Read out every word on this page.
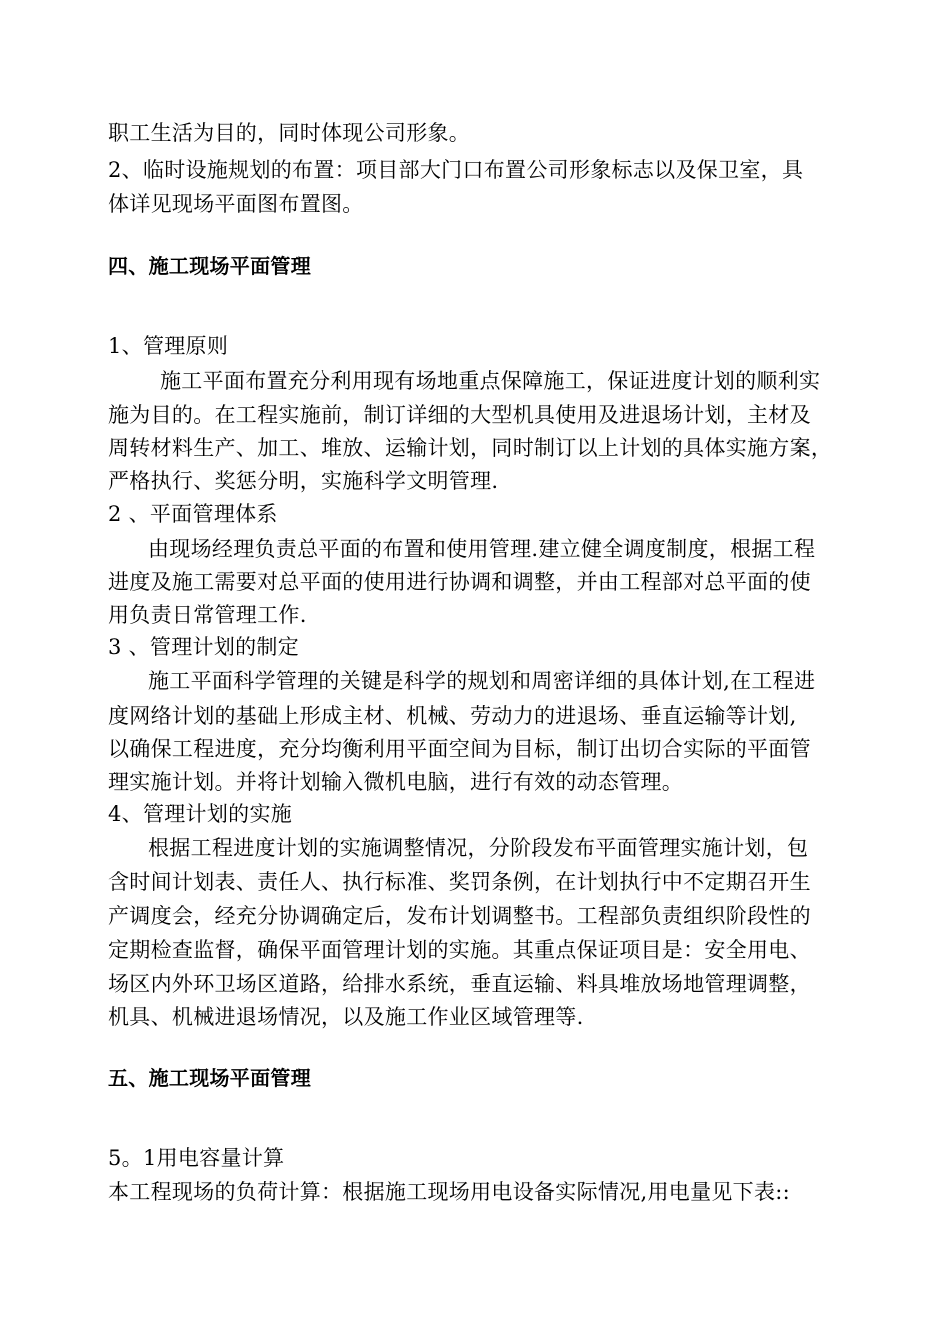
职工生活为目的，同时体现公司形象。
2、临时设施规划的布置：项目部大门口布置公司形象标志以及保卫室，具
体详见现场平面图布置图。
四、施工现场平面管理
1、管理原则
施工平面布置充分利用现有场地重点保障施工，保证进度计划的顺利实
施为目的。在工程实施前，制订详细的大型机具使用及进退场计划，主材及
周转材料生产、加工、堆放、运输计划，同时制订以上计划的具体实施方案，
严格执行、奖惩分明，实施科学文明管理.
2 、平面管理体系
由现场经理负责总平面的布置和使用管理.建立健全调度制度，根据工程
进度及施工需要对总平面的使用进行协调和调整，并由工程部对总平面的使
用负责日常管理工作.
3 、管理计划的制定
施工平面科学管理的关键是科学的规划和周密详细的具体计划,在工程进
度网络计划的基础上形成主材、机械、劳动力的进退场、垂直运输等计划,
以确保工程进度，充分均衡利用平面空间为目标，制订出切合实际的平面管
理实施计划。并将计划输入微机电脑，进行有效的动态管理。
4、管理计划的实施
根据工程进度计划的实施调整情况，分阶段发布平面管理实施计划，包
含时间计划表、责任人、执行标准、奖罚条例，在计划执行中不定期召开生
产调度会，经充分协调确定后，发布计划调整书。工程部负责组织阶段性的
定期检查监督，确保平面管理计划的实施。其重点保证项目是：安全用电、
场区内外环卫场区道路，给排水系统，垂直运输、料具堆放场地管理调整，
机具、机械进退场情况，以及施工作业区域管理等.
五、施工现场平面管理
5。1用电容量计算
本工程现场的负荷计算：根据施工现场用电设备实际情况,用电量见下表::
